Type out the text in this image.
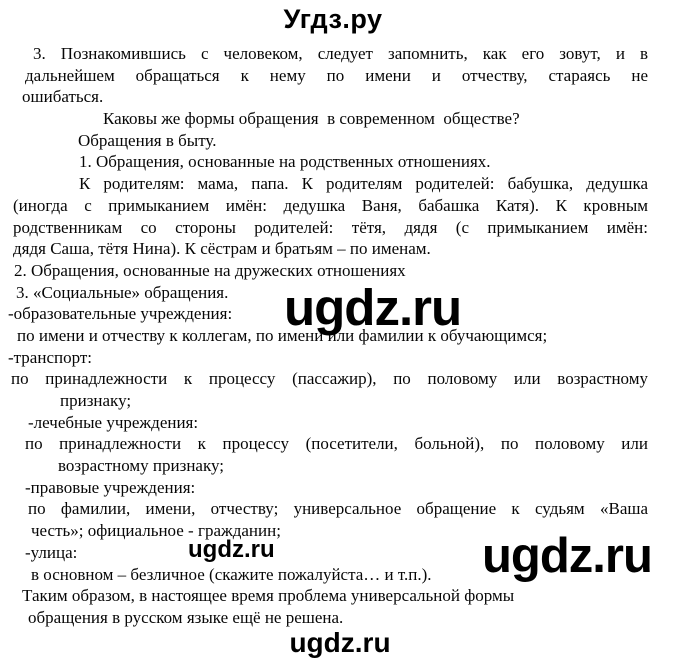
Угдз.ру
3. Познакомившись с человеком, следует запомнить, как его зовут, и в
дальнейшем обращаться к нему по имени и отчеству, стараясь не
ошибаться.
Каковы же формы обращения  в современном  обществе?
Обращения в быту.
1. Обращения, основанные на родственных отношениях.
К родителям: мама, папа. К родителям родителей: бабушка, дедушка
(иногда с примыканием имён: дедушка Ваня, бабашка Катя). К кровным
родственникам со стороны родителей: тётя, дядя (с примыканием имён:
дядя Саша, тётя Нина). К сёстрам и братьям – по именам.
2. Обращения, основанные на дружеских отношениях
3. «Социальные» обращения.
-образовательные учреждения:
по имени и отчеству к коллегам, по имени или фамилии к обучающимся;
-транспорт:
по принадлежности к процессу (пассажир), по половому или возрастному
признаку;
-лечебные учреждения:
по принадлежности к процессу (посетители, больной), по половому или
возрастному признаку;
-правовые учреждения:
по фамилии, имени, отчеству; универсальное обращение к судьям «Ваша
честь»; официальное - гражданин;
-улица:
в основном – безличное (скажите пожалуйста… и т.п.).
Таким образом, в настоящее время проблема универсальной формы
обращения в русском языке ещё не решена.
ugdz.ru
ugdz.ru	ugdz.ru
ugdz.ru
